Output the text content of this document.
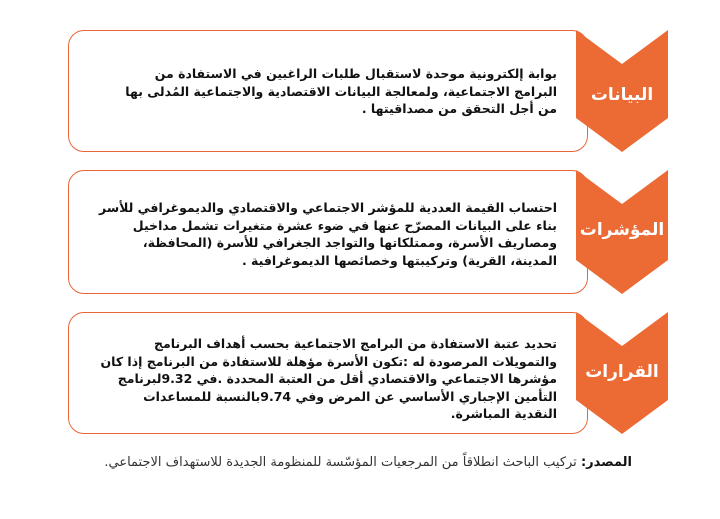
بوابة إلكترونية موحدة لاستقبال طلبات الراغبين في الاستفادة من البرامج الاجتماعية، ولمعالجة البيانات الاقتصادية والاجتماعية المُدلى بها من أجل التحقق من مصداقيتها .

البيانات

احتساب القيمة العددية للمؤشر الاجتماعي والاقتصادي والديموغرافي للأسر بناء على البيانات المصرّح عنها في ضوء عشرة متغيرات تشمل مداخيل ومصاريف الأسرة، وممتلكاتها والتواجد الجغرافي للأسرة (المحافظة، المدينة، القرية) وتركيبتها وخصائصها الديموغرافية .

المؤشرات

تحديد عتبة الاستفادة من البرامج الاجتماعية بحسب أهداف البرنامج والتمويلات المرصودة له :تكون الأسرة مؤهلة للاستفادة من البرنامج إذا كان مؤشرها الاجتماعي والاقتصادي أقل من العتبة المحددة .في 9.32لبرنامج التأمين الإجباري الأساسي عن المرض وفي 9.74بالنسبة للمساعدات النقدية المباشرة.

القرارات
المصدر: تركيب الباحث انطلاقاً من المرجعيات المؤسّسة للمنظومة الجديدة للاستهداف الاجتماعي.
